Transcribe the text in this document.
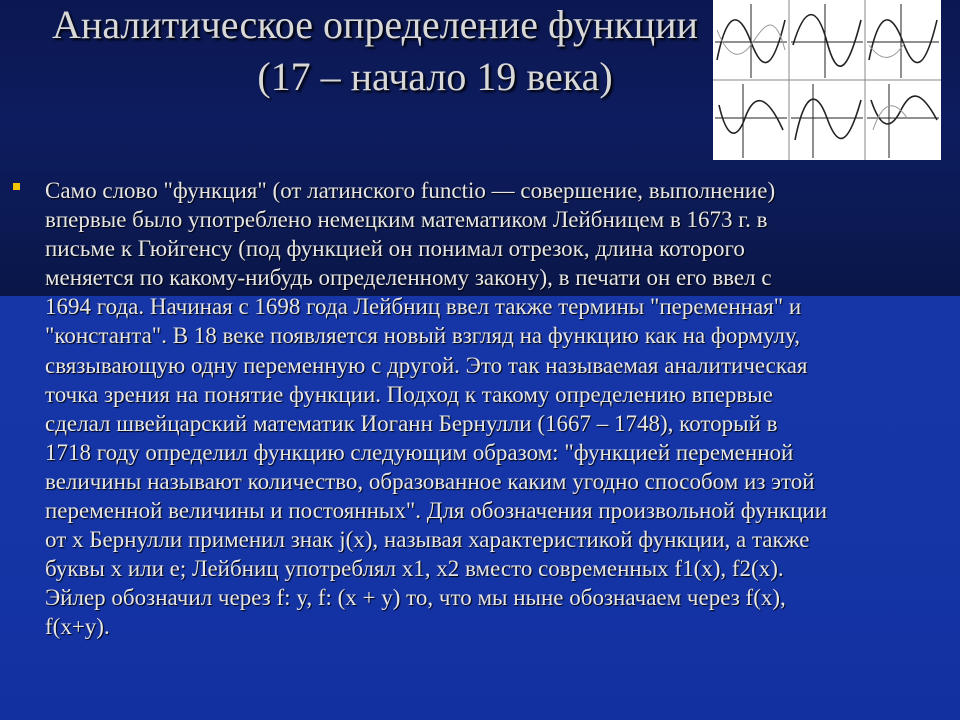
Аналитическое определение функции
(17 – начало 19 века)
Само слово "функция" (от латинского functio — совершение, выполнение)
впервые было употреблено немецким математиком Лейбницем в 1673 г. в
письме к Гюйгенсу (под функцией он понимал отрезок, длина которого
меняется по какому-нибудь определенному закону), в печати он его ввел с
1694 года. Начиная с 1698 года Лейбниц ввел также термины "переменная" и
"константа". В 18 веке появляется новый взгляд на функцию как на формулу,
связывающую одну переменную с другой. Это так называемая аналитическая
точка зрения на понятие функции. Подход к такому определению впервые
сделал швейцарский математик Иоганн Бернулли (1667 – 1748), который в
1718 году определил функцию следующим образом: "функцией переменной
величины называют количество, образованное каким угодно способом из этой
переменной величины и постоянных". Для обозначения произвольной функции
от x Бернулли применил знак j(x), называя характеристикой функции, а также
буквы x или e; Лейбниц употреблял x1, x2 вместо современных f1(x), f2(x).
Эйлер обозначил через f: y, f: (x + y) то, что мы ныне обозначаем через f(x),
f(x+y).
